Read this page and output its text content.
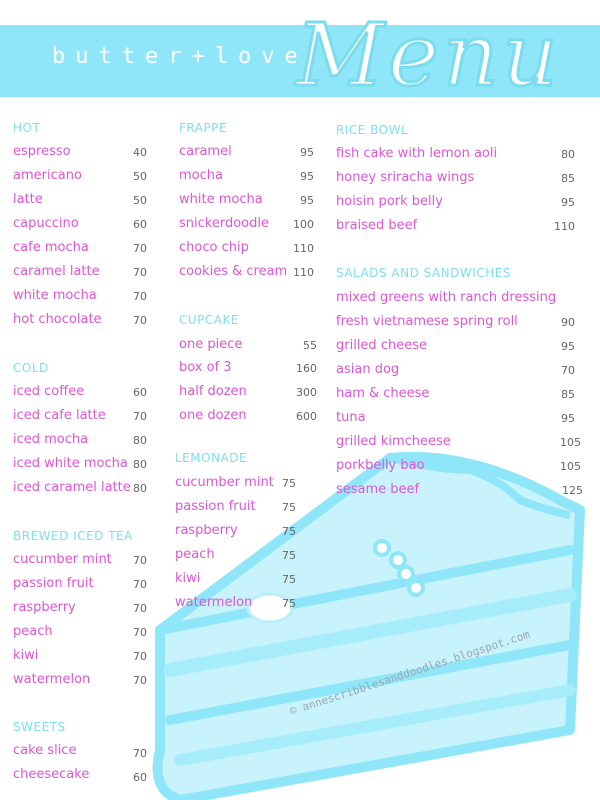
butter+love
Menu
HOT
espresso	40
americano	50
latte	50
capuccino	60
cafe mocha	70
caramel latte	70
white mocha	70
hot chocolate	70
COLD
iced coffee	60
iced cafe latte	70
iced mocha	80
iced white mocha 80
iced caramel latte 80
BREWED ICED TEA
cucumber mint	70
passion fruit	70
raspberry	70
peach	70
kiwi	70
watermelon	70
SWEETS
cake slice	70
cheesecake	60
FRAPPE
caramel	95
mocha	95
white mocha	95
snickerdoodle	100
choco chip	110
cookies & cream 110
CUPCAKE
one piece	55
box of 3	160
half dozen	300
one dozen	600
LEMONADE
cucumber mint 75
passion fruit	75
raspberry	75
peach	75
kiwi	75
watermelon	75
RICE BOWL
fish cake with lemon aoli	80
honey sriracha wings	85
hoisin pork belly	95
braised beef	110
SALADS AND SANDWICHES
mixed greens with ranch dressing
fresh vietnamese spring roll	90
grilled cheese	95
asian dog	70
ham & cheese	85
tuna	95
grilled kimcheese	105
porkbelly bao	105
sesame beef	125
© annescribblesanddoodles.blogspot.com
